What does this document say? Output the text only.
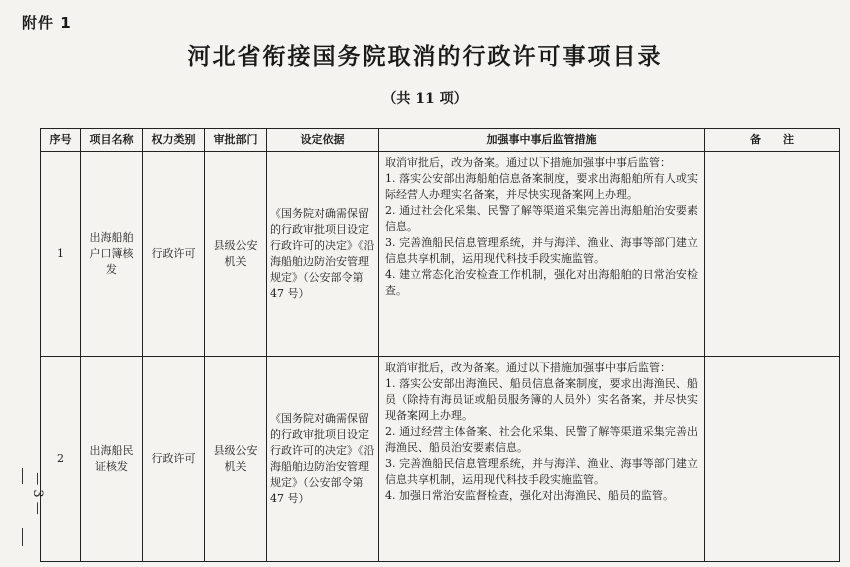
附件 1
河北省衔接国务院取消的行政许可事项目录
（共 11 项）
— 3 —
序号	项目名称	权力类别	审批部门	设定依据	加强事中事后监管措施	备　　注
1	出海船舶户口簿核发	行政许可	县级公安机关	《国务院对确需保留的行政审批项目设定行政许可的决定》《沿海船舶边防治安管理规定》（公安部令第 47 号）	取消审批后，改为备案。通过以下措施加强事中事后监管：

1. 落实公安部出海船舶信息备案制度，要求出海船舶所有人或实际经营人办理实名备案，并尽快实现备案网上办理。

2. 通过社会化采集、民警了解等渠道采集完善出海船舶治安要素信息。

3. 完善渔船民信息管理系统，并与海洋、渔业、海事等部门建立信息共享机制，运用现代科技手段实施监管。

4. 建立常态化治安检查工作机制，强化对出海船舶的日常治安检查。	

2	出海船民证核发	行政许可	县级公安机关	《国务院对确需保留的行政审批项目设定行政许可的决定》《沿海船舶边防治安管理规定》（公安部令第 47 号）	取消审批后，改为备案。通过以下措施加强事中事后监管：

1. 落实公安部出海渔民、船员信息备案制度，要求出海渔民、船员（除持有海员证或船员服务簿的人员外）实名备案，并尽快实现备案网上办理。

2. 通过经营主体备案、社会化采集、民警了解等渠道采集完善出海渔民、船员治安要素信息。

3. 完善渔船民信息管理系统，并与海洋、渔业、海事等部门建立信息共享机制，运用现代科技手段实施监管。

4. 加强日常治安监督检查，强化对出海渔民、船员的监管。	
